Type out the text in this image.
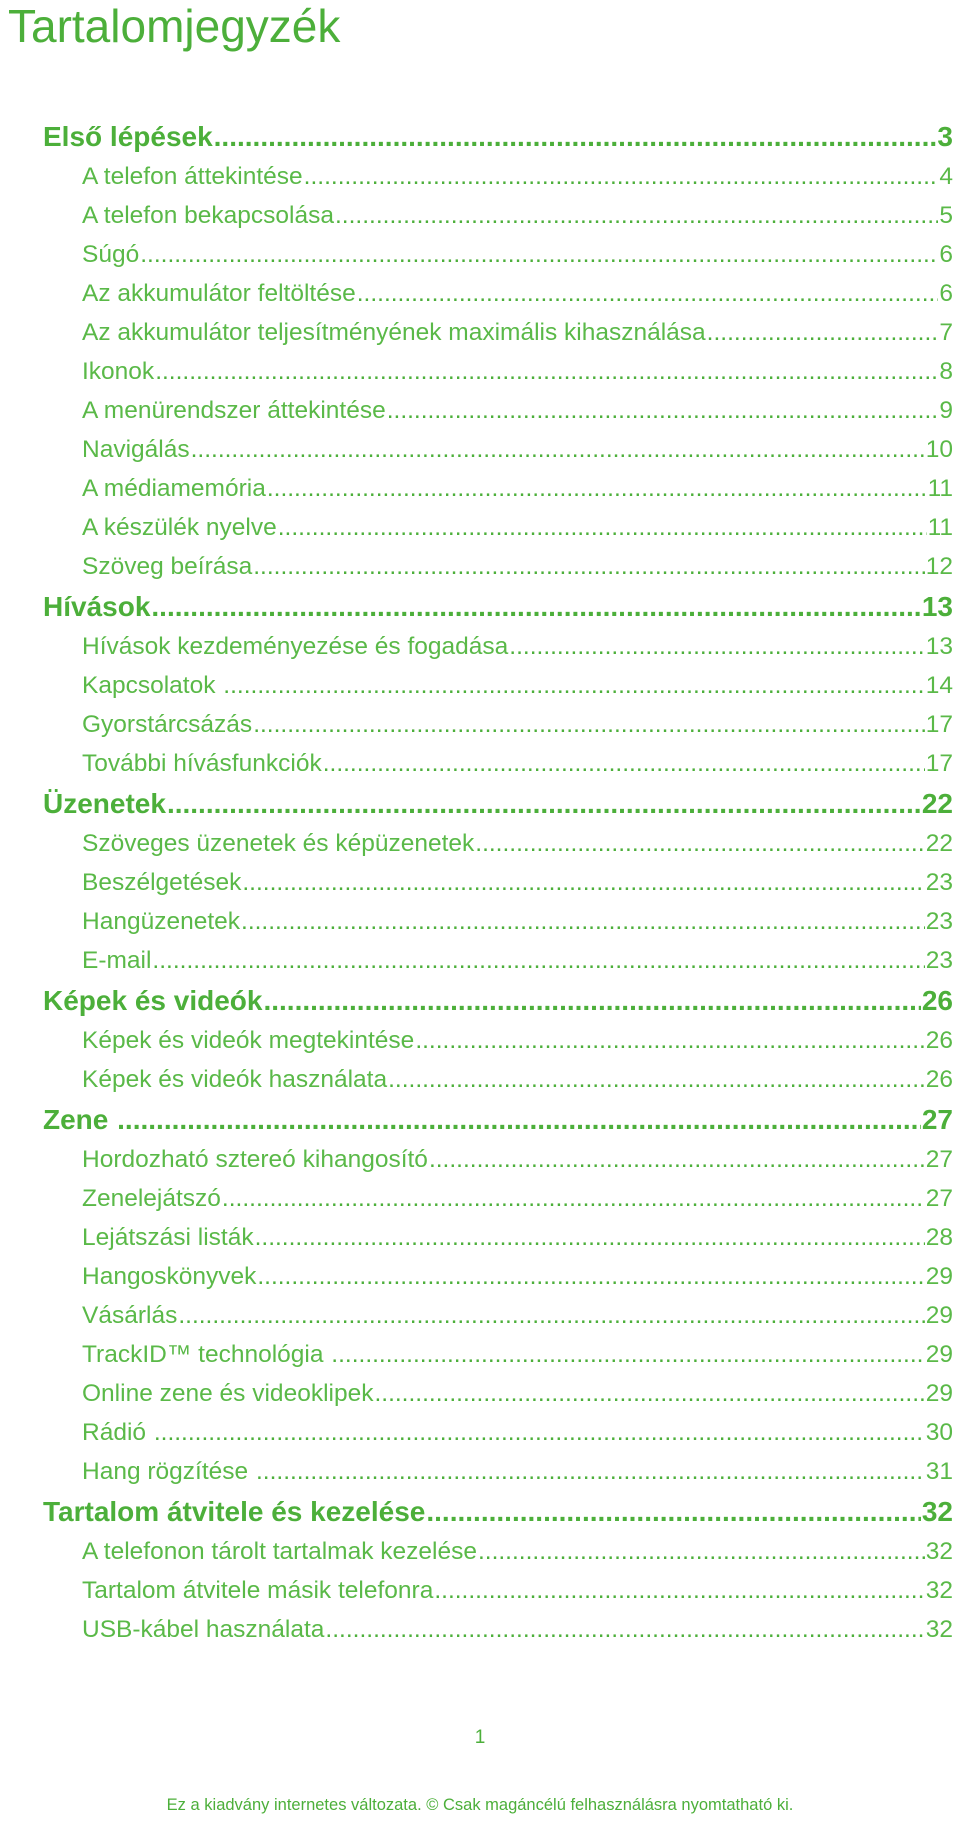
Tartalomjegyzék
Első lépések .....	3
A telefon áttekintése .....	4
A telefon bekapcsolása .....	5
Súgó .....	6
Az akkumulátor feltöltése .....	6
Az akkumulátor teljesítményének maximális kihasználása .....	7
Ikonok .....	8
A menürendszer áttekintése .....	9
Navigálás .....	10
A médiamemória .....	11
A készülék nyelve .....	11
Szöveg beírása .....	12
Hívások .....	13
Hívások kezdeményezése és fogadása .....	13
Kapcsolatok .....	14
Gyorstárcsázás .....	17
További hívásfunkciók .....	17
Üzenetek .....	22
Szöveges üzenetek és képüzenetek .....	22
Beszélgetések .....	23
Hangüzenetek .....	23
E-mail .....	23
Képek és videók .....	26
Képek és videók megtekintése .....	26
Képek és videók használata .....	26
Zene .....	27
Hordozható sztereó kihangosító .....	27
Zenelejátszó .....	27
Lejátszási listák .....	28
Hangoskönyvek .....	29
Vásárlás .....	29
TrackID™ technológia .....	29
Online zene és videoklipek .....	29
Rádió .....	30
Hang rögzítése .....	31
Tartalom átvitele és kezelése .....	32
A telefonon tárolt tartalmak kezelése .....	32
Tartalom átvitele másik telefonra .....	32
USB-kábel használata .....	32
1
Ez a kiadvány internetes változata. © Csak magáncélú felhasználásra nyomtatható ki.
